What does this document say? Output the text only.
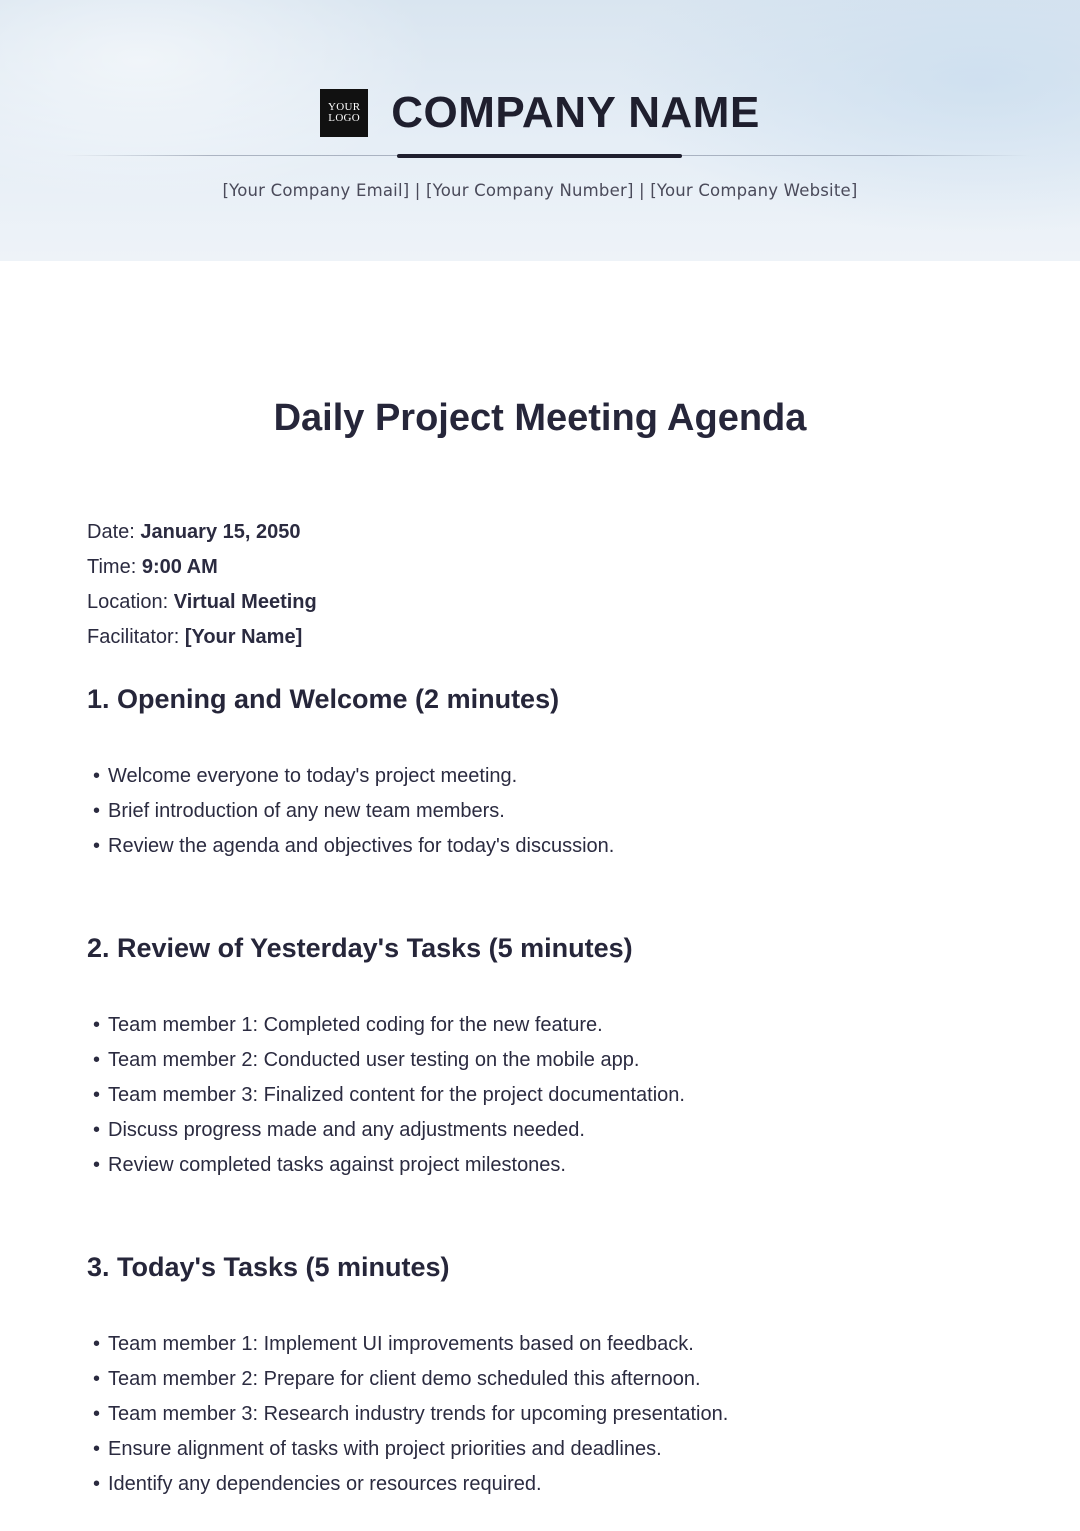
YOUR
LOGO COMPANY NAME
[Your Company Email] | [Your Company Number] | [Your Company Website]
Daily Project Meeting Agenda
Date: January 15, 2050
Time: 9:00 AM
Location: Virtual Meeting
Facilitator: [Your Name]
1. Opening and Welcome (2 minutes)
• Welcome everyone to today's project meeting.
• Brief introduction of any new team members.
• Review the agenda and objectives for today's discussion.
2. Review of Yesterday's Tasks (5 minutes)
• Team member 1: Completed coding for the new feature.
• Team member 2: Conducted user testing on the mobile app.
• Team member 3: Finalized content for the project documentation.
• Discuss progress made and any adjustments needed.
• Review completed tasks against project milestones.
3. Today's Tasks (5 minutes)
• Team member 1: Implement UI improvements based on feedback.
• Team member 2: Prepare for client demo scheduled this afternoon.
• Team member 3: Research industry trends for upcoming presentation.
• Ensure alignment of tasks with project priorities and deadlines.
• Identify any dependencies or resources required.
